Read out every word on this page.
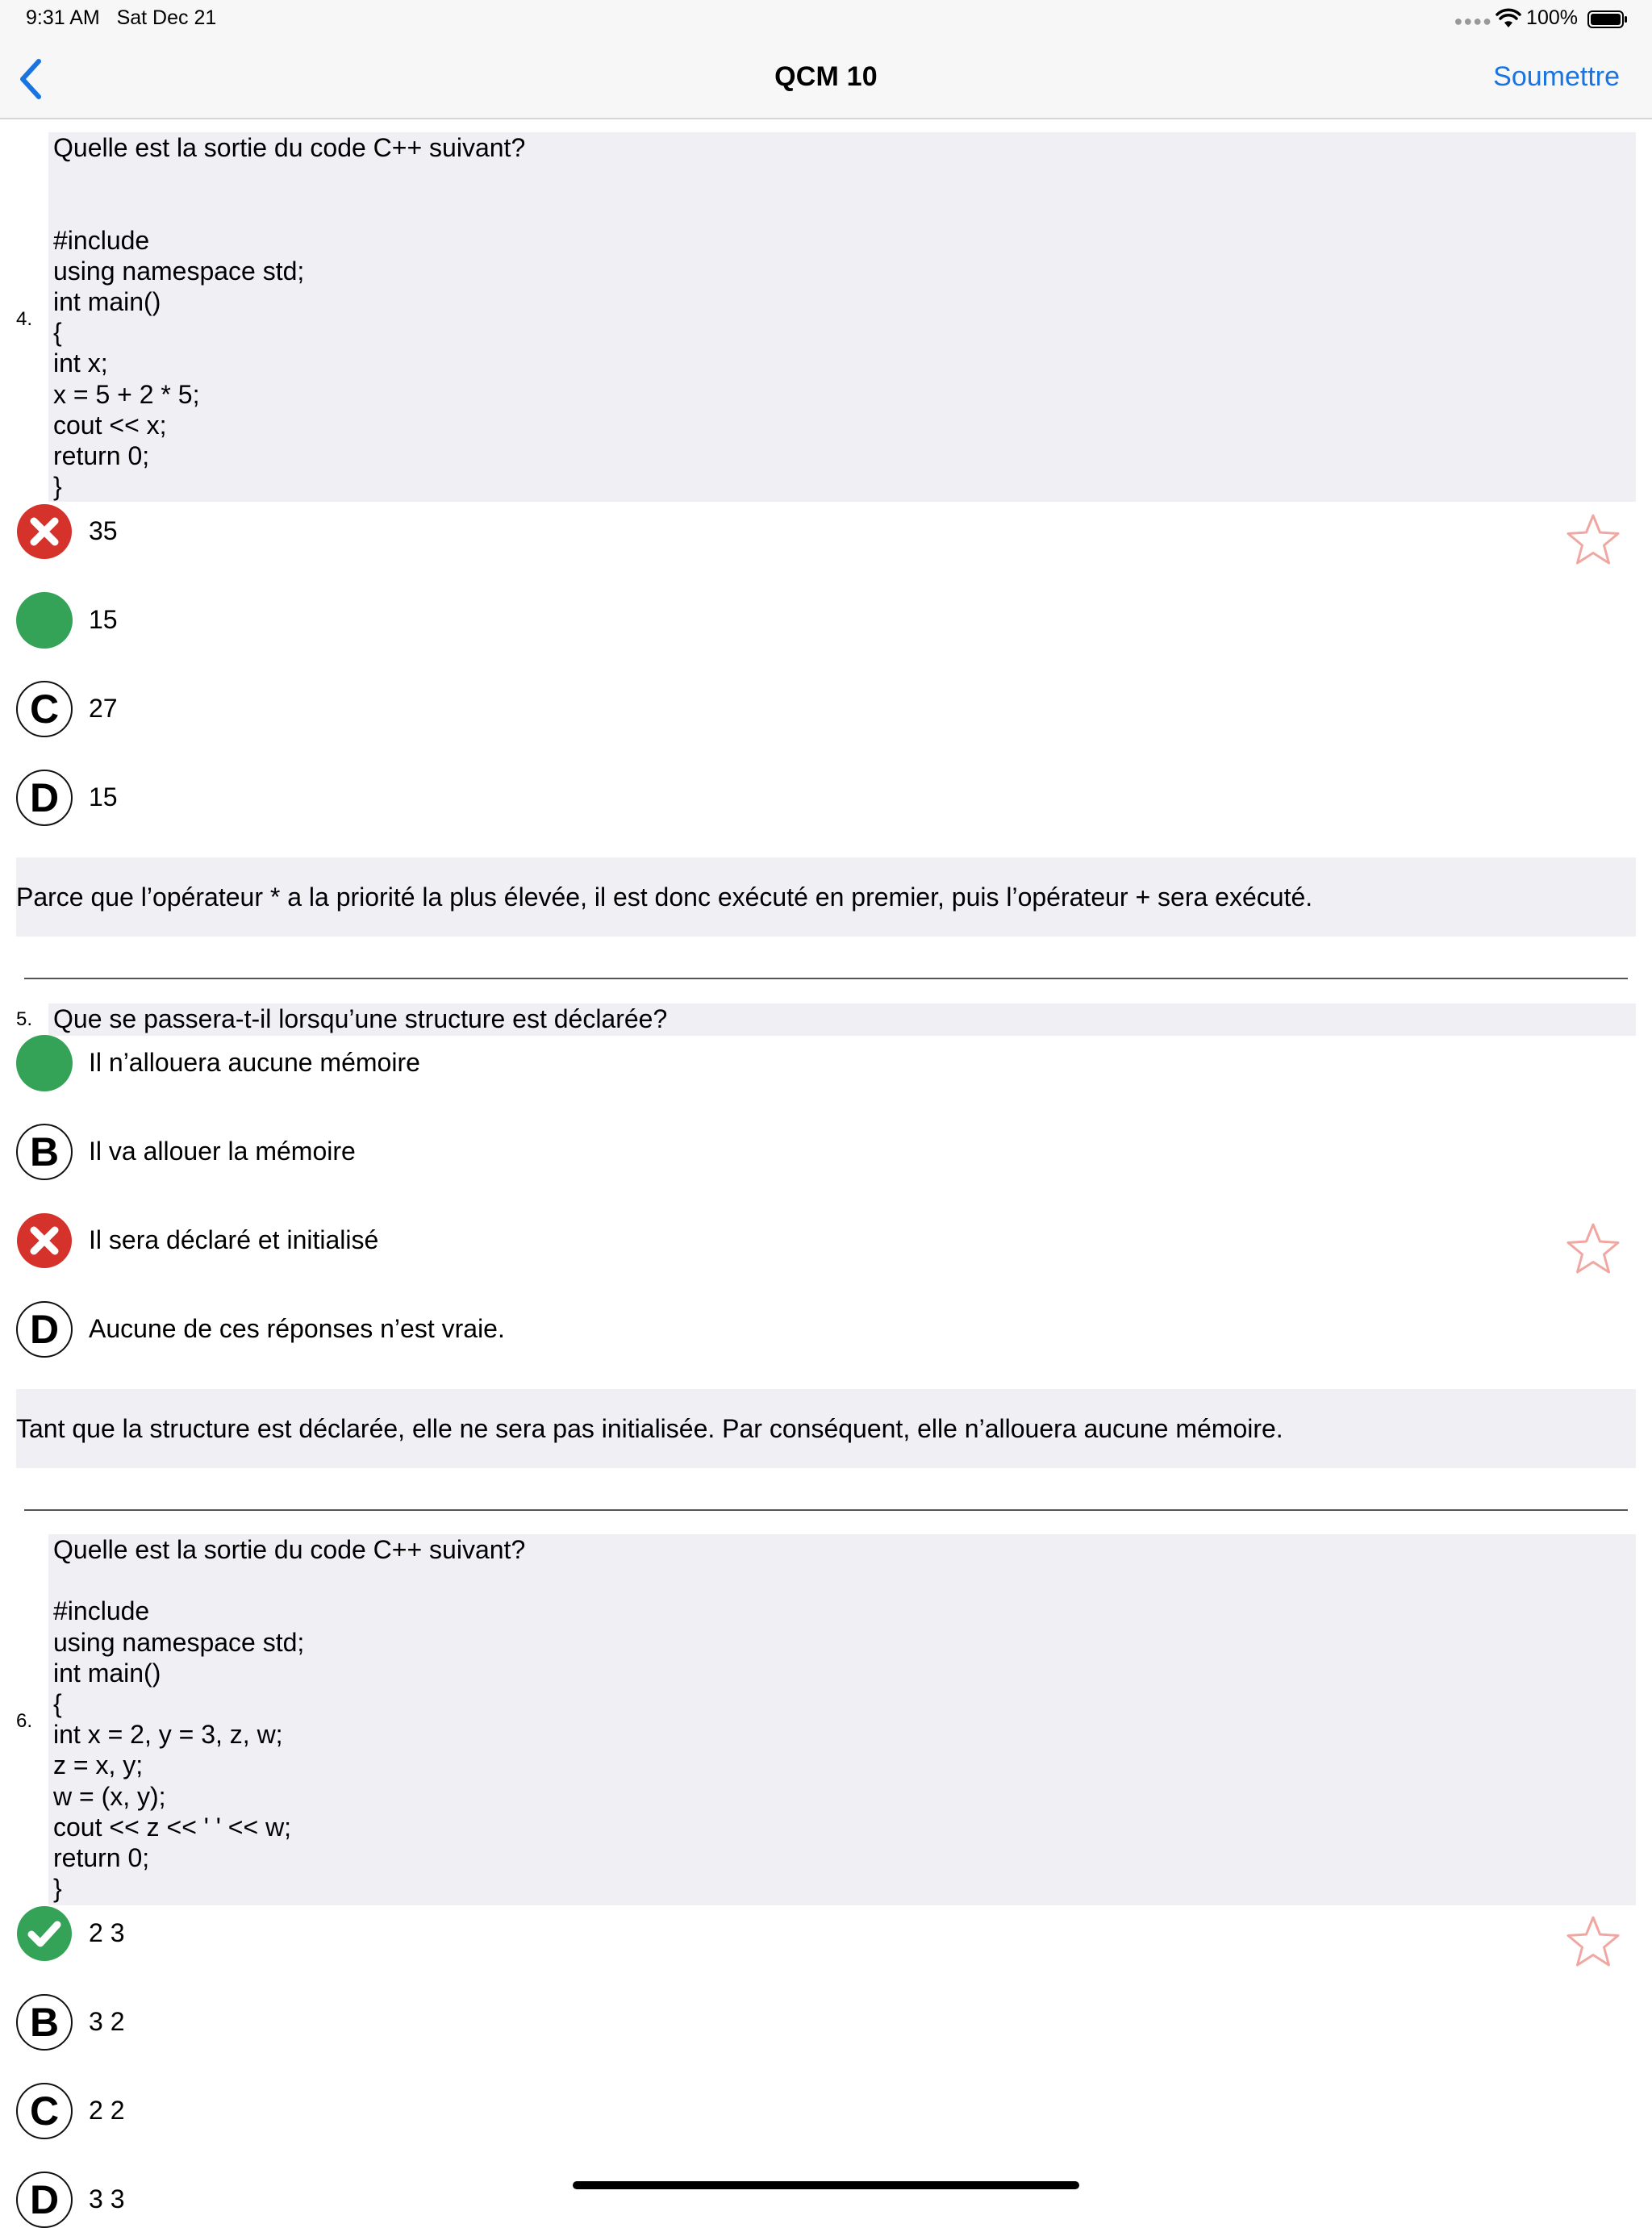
9:31 AM Sat Dec 21	●●●● 100%
QCM 10	Soumettre
4.
Quelle est la sortie du code C++ suivant?
#include
using namespace std;
int main()
{
int x;
x = 5 + 2 * 5;
cout << x;
return 0;
}
35
15
C	27
D	15
Parce que l’opérateur * a la priorité la plus élevée, il est donc exécuté en premier, puis l’opérateur + sera exécuté.
5. Que se passera-t-il lorsqu’une structure est déclarée?
Il n’allouera aucune mémoire
B	Il va allouer la mémoire
Il sera déclaré et initialisé
D	Aucune de ces réponses n’est vraie.
Tant que la structure est déclarée, elle ne sera pas initialisée. Par conséquent, elle n’allouera aucune mémoire.
6.
Quelle est la sortie du code C++ suivant?
#include
using namespace std;
int main()
{
int x = 2, y = 3, z, w;
z = x, y;
w = (x, y);
cout << z << ' ' << w;
return 0;
}
2 3
B	3 2
C	2 2
D	3 3
